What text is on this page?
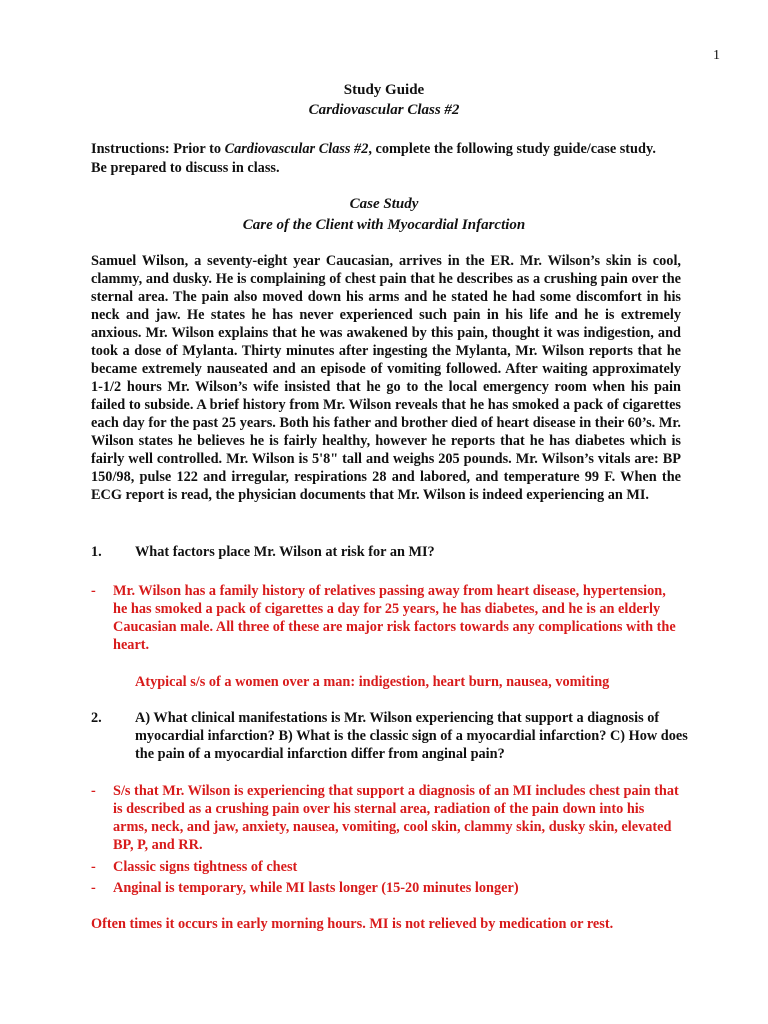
1
Study Guide
Cardiovascular Class #2
Instructions: Prior to Cardiovascular Class #2, complete the following study guide/case study. Be prepared to discuss in class.
Case Study
Care of the Client with Myocardial Infarction
Samuel Wilson, a seventy-eight year Caucasian, arrives in the ER. Mr. Wilson’s skin is cool, clammy, and dusky. He is complaining of chest pain that he describes as a crushing pain over the sternal area. The pain also moved down his arms and he stated he had some discomfort in his neck and jaw. He states he has never experienced such pain in his life and he is extremely anxious. Mr. Wilson explains that he was awakened by this pain, thought it was indigestion, and took a dose of Mylanta. Thirty minutes after ingesting the Mylanta, Mr. Wilson reports that he became extremely nauseated and an episode of vomiting followed. After waiting approximately 1-1/2 hours Mr. Wilson’s wife insisted that he go to the local emergency room when his pain failed to subside. A brief history from Mr. Wilson reveals that he has smoked a pack of cigarettes each day for the past 25 years. Both his father and brother died of heart disease in their 60’s. Mr. Wilson states he believes he is fairly healthy, however he reports that he has diabetes which is fairly well controlled. Mr. Wilson is 5'8" tall and weighs 205 pounds. Mr. Wilson’s vitals are: BP 150/98, pulse 122 and irregular, respirations 28 and labored, and temperature 99 F. When the ECG report is read, the physician documents that Mr. Wilson is indeed experiencing an MI.
1. What factors place Mr. Wilson at risk for an MI?
- Mr. Wilson has a family history of relatives passing away from heart disease, hypertension, he has smoked a pack of cigarettes a day for 25 years, he has diabetes, and he is an elderly Caucasian male. All three of these are major risk factors towards any complications with the heart.
Atypical s/s of a women over a man: indigestion, heart burn, nausea, vomiting
2. A) What clinical manifestations is Mr. Wilson experiencing that support a diagnosis of myocardial infarction? B) What is the classic sign of a myocardial infarction? C) How does the pain of a myocardial infarction differ from anginal pain?
- S/s that Mr. Wilson is experiencing that support a diagnosis of an MI includes chest pain that is described as a crushing pain over his sternal area, radiation of the pain down into his arms, neck, and jaw, anxiety, nausea, vomiting, cool skin, clammy skin, dusky skin, elevated BP, P, and RR.
- Classic signs tightness of chest
- Anginal is temporary, while MI lasts longer (15-20 minutes longer)
Often times it occurs in early morning hours. MI is not relieved by medication or rest.
